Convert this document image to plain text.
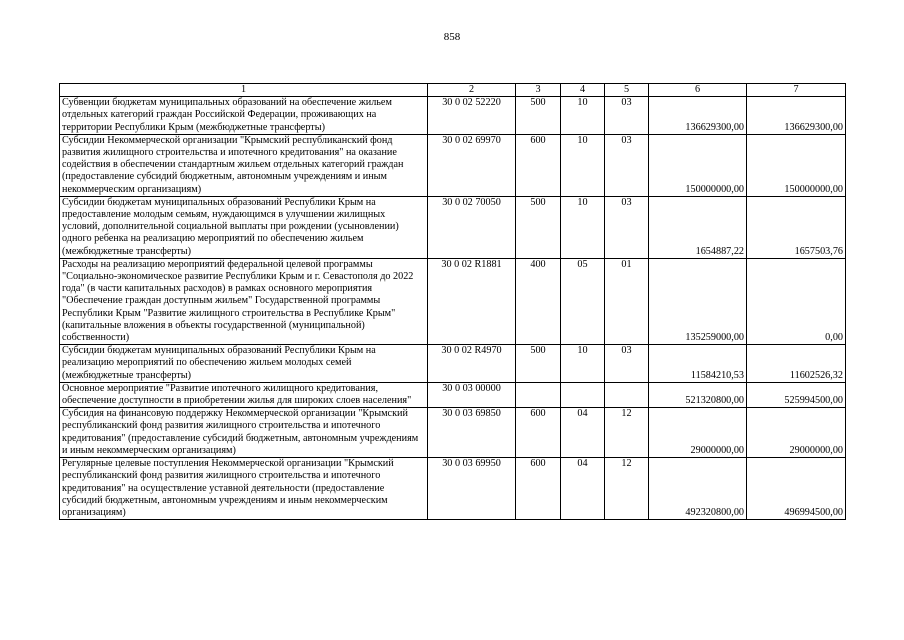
858
1	2	3	4	5	6	7
Субвенции бюджетам муниципальных образований на обеспечение жильем отдельных категорий граждан Российской Федерации, проживающих на территории Республики Крым (межбюджетные трансферты)	30 0 02 52220	500	10	03	136629300,00	136629300,00
Субсидии Некоммерческой организации "Крымский республиканский фонд развития жилищного строительства и ипотечного кредитования" на оказание содействия в обеспечении стандартным жильем отдельных категорий граждан (предоставление субсидий бюджетным, автономным учреждениям и иным некоммерческим организациям)	30 0 02 69970	600	10	03	150000000,00	150000000,00
Субсидии бюджетам муниципальных образований Республики Крым на предоставление молодым семьям, нуждающимся в улучшении жилищных условий, дополнительной социальной выплаты при рождении (усыновлении) одного ребенка на реализацию мероприятий по обеспечению жильем (межбюджетные трансферты)	30 0 02 70050	500	10	03	1654887,22	1657503,76
Расходы на реализацию мероприятий федеральной целевой программы "Социально-экономическое развитие Республики Крым и г. Севастополя до 2022 года" (в части капитальных расходов) в рамках основного мероприятия "Обеспечение граждан доступным жильем" Государственной программы Республики Крым "Развитие жилищного строительства в Республике Крым" (капитальные вложения в объекты государственной (муниципальной) собственности)	30 0 02 R1881	400	05	01	135259000,00	0,00
Субсидии бюджетам муниципальных образований Республики Крым на реализацию мероприятий по обеспечению жильем молодых семей (межбюджетные трансферты)	30 0 02 R4970	500	10	03	11584210,53	11602526,32
Основное мероприятие "Развитие ипотечного жилищного кредитования, обеспечение доступности в приобретении жилья для широких слоев населения"	30 0 03 00000				521320800,00	525994500,00
Субсидия на финансовую поддержку Некоммерческой организации "Крымский республиканский фонд развития жилищного строительства и ипотечного кредитования" (предоставление субсидий бюджетным, автономным учреждениям и иным некоммерческим организациям)	30 0 03 69850	600	04	12	29000000,00	29000000,00
Регулярные целевые поступления Некоммерческой организации "Крымский республиканский фонд развития жилищного строительства и ипотечного кредитования" на осуществление уставной деятельности (предоставление субсидий бюджетным, автономным учреждениям и иным некоммерческим организациям)	30 0 03 69950	600	04	12	492320800,00	496994500,00
